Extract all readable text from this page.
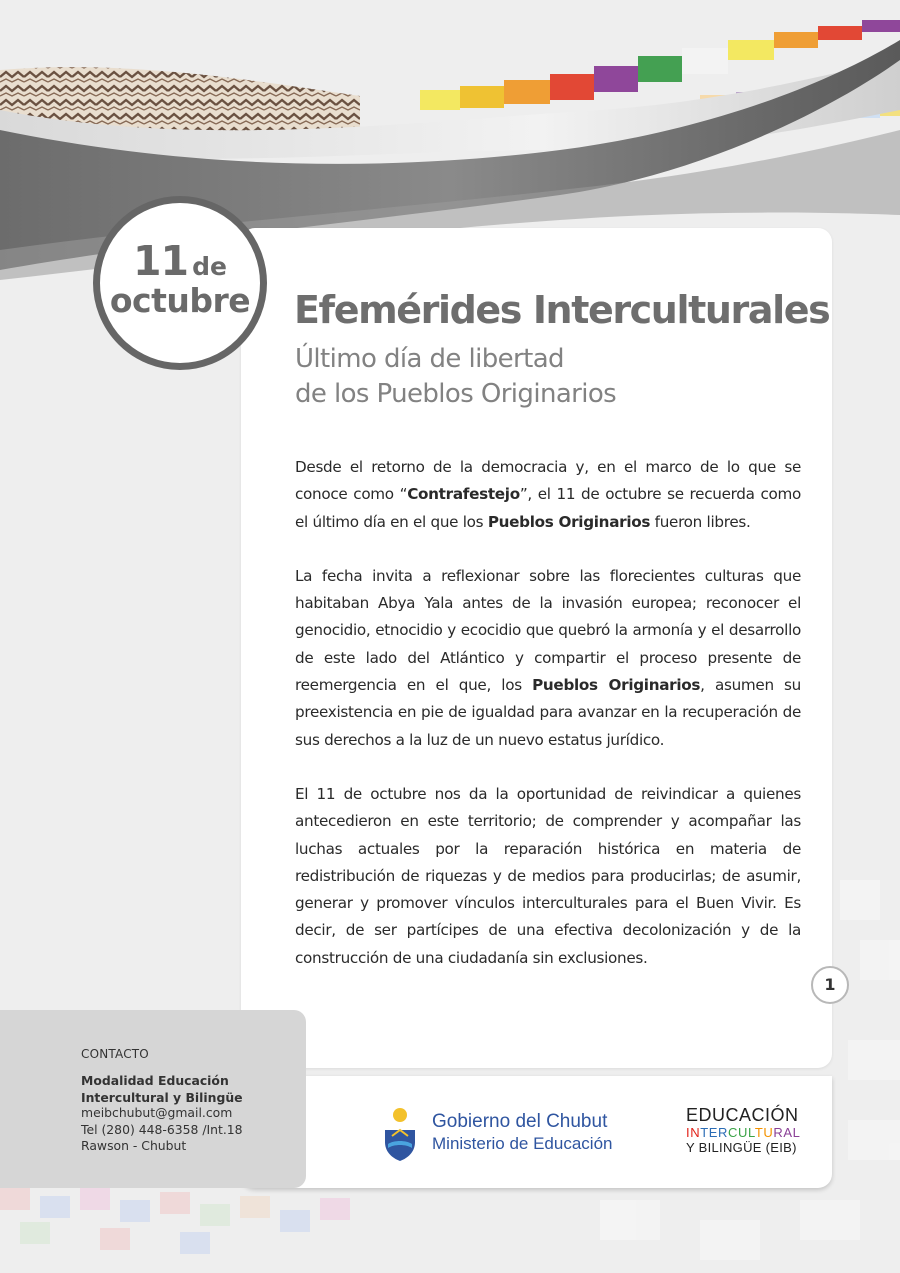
11 de
octubre Efemérides Interculturales
Último día de libertad
de los Pueblos Originarios

Desde el retorno de la democracia y, en el marco de lo que se conoce como “Contrafestejo”, el 11 de octubre se recuerda como el último día en el que los Pueblos Originarios fueron libres.

La fecha invita a reflexionar sobre las florecientes culturas que habitaban Abya Yala antes de la invasión europea; reconocer el genocidio, etnocidio y ecocidio que quebró la armonía y el desarrollo de este lado del Atlántico y compartir el proceso presente de reemergencia en el que, los Pueblos Originarios, asumen su preexistencia en pie de igualdad para avanzar en la recuperación de sus derechos a la luz de un nuevo estatus jurídico.

El 11 de octubre nos da la oportunidad de reivindicar a quienes antecedieron en este territorio; de comprender y acompañar las luchas actuales por la reparación histórica en materia de redistribución de riquezas y de medios para producirlas; de asumir, generar y promover vínculos interculturales para el Buen Vivir. Es decir, de ser partícipes de una efectiva decolonización y de la construcción de una ciudadanía sin exclusiones.

1
CONTACTO
Modalidad Educación
Intercultural y Bilingüe
meibchubut@gmail.com
Tel (280) 448-6358 /Int.18
Rawson - Chubut
Gobierno del Chubut
Ministerio de Educación
EDUCACIÓN
INTERCULTURAL
Y BILINGÜE (EIB)
